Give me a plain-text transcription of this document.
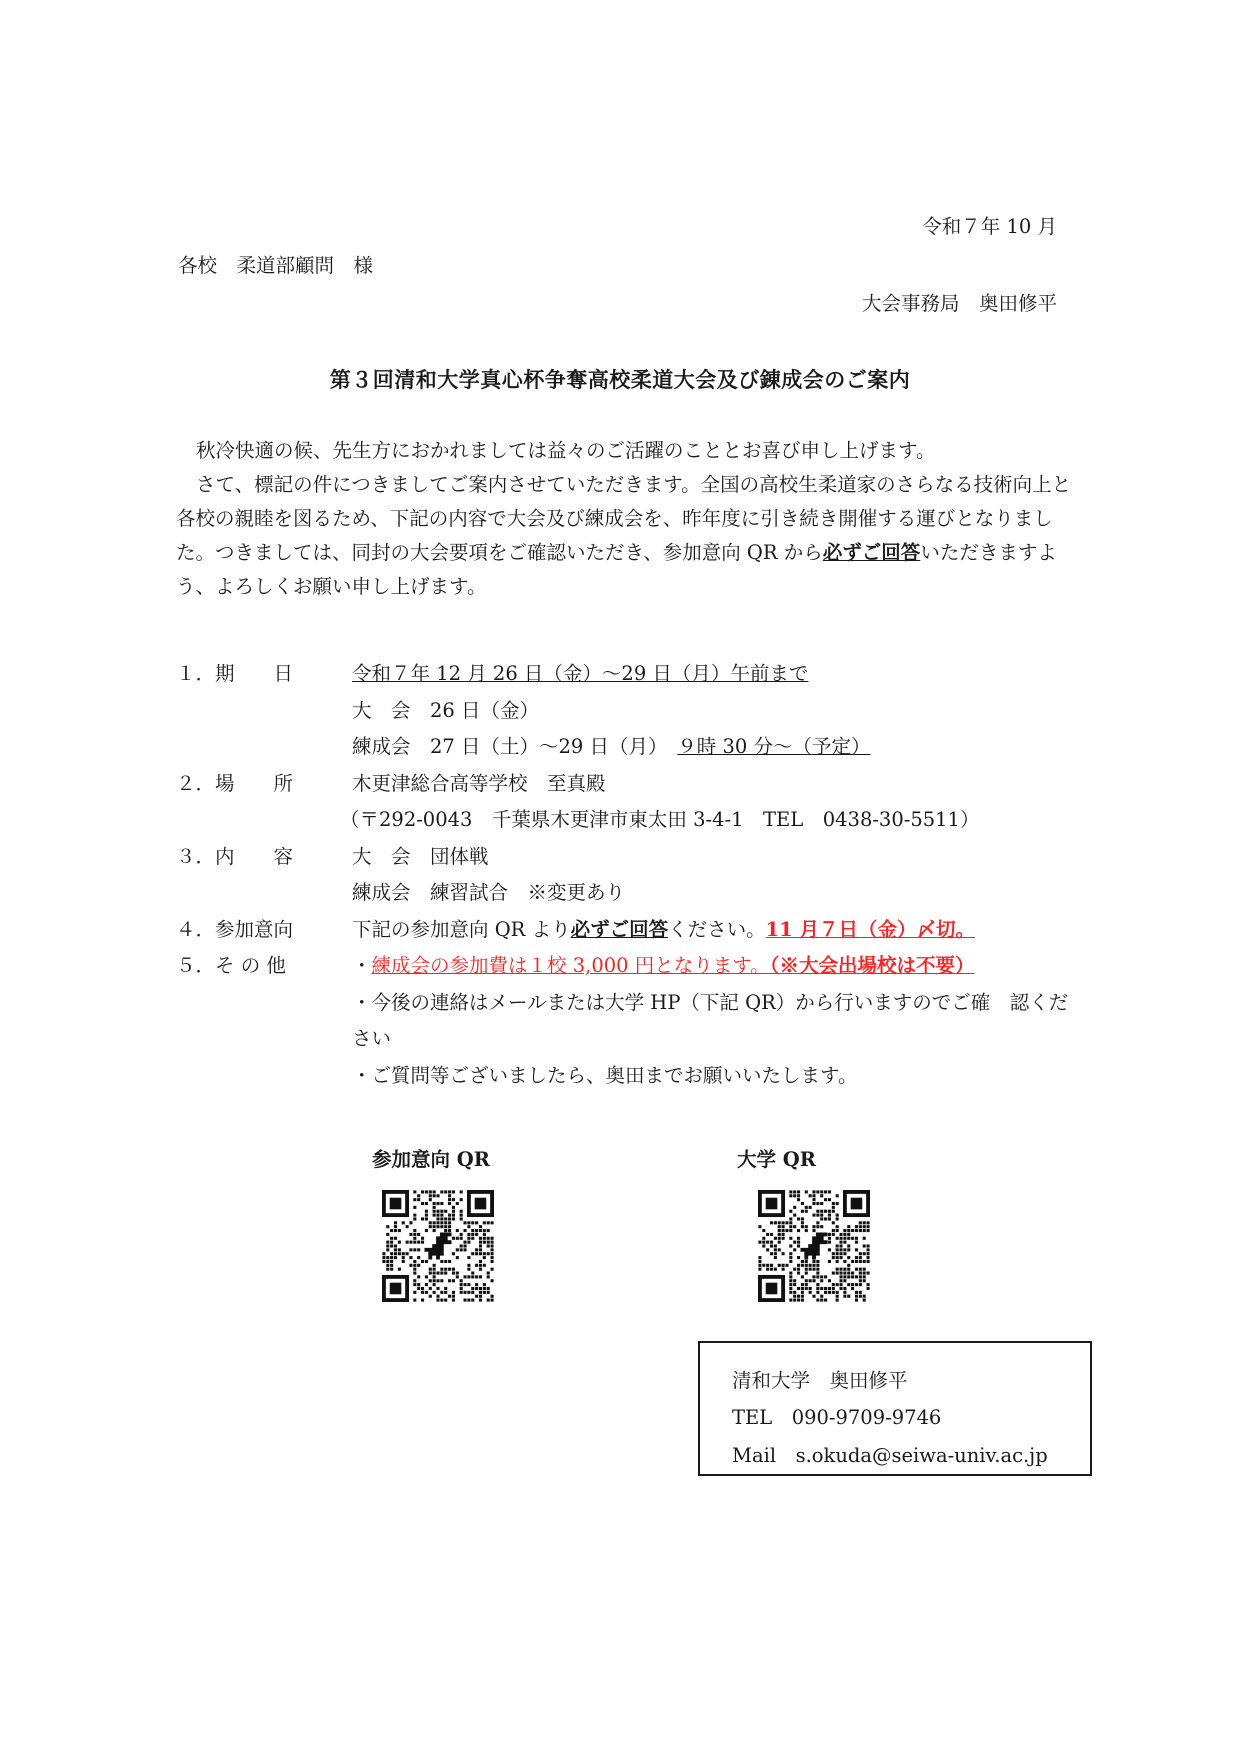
令和７年 10 月
各校　柔道部顧問　様
大会事務局　奥田修平
第３回清和大学真心杯争奪高校柔道大会及び錬成会のご案内

秋冷快適の候、先生方におかれましては益々のご活躍のこととお喜び申し上げます。

さて、標記の件につきましてご案内させていただきます。全国の高校生柔道家のさらなる技術向上と各校の親睦を図るため、下記の内容で大会及び練成会を、昨年度に引き続き開催する運びとなりました。つきましては、同封の大会要項をご確認いただき、参加意向 QR から必ずご回答いただきますよう、よろしくお願い申し上げます。

１．期　　日	令和７年 12 月 26 日（金）～29 日（月）午前まで
大　会　26 日（金）
練成会　27 日（土）～29 日（月）　９時 30 分～（予定）
２．場　　所	木更津総合高等学校　至真殿
（〒292-0043　千葉県木更津市東太田 3-4-1　TEL　0438-30-5511）
３．内　　容	大　会　団体戦
練成会　練習試合　※変更あり
４．参加意向	下記の参加意向 QR より必ずご回答ください。11 月７日（金）〆切。
５．そ の 他	・練成会の参加費は１校 3,000 円となります。（※大会出場校は不要）
・今後の連絡はメールまたは大学 HP（下記 QR）から行いますのでご確　認ください
・ご質問等ございましたら、奥田までお願いいたします。
参加意向 QR	大学 QR
清和大学　奥田修平
TEL　090-9709-9746
Mail　s.okuda@seiwa-univ.ac.jp
